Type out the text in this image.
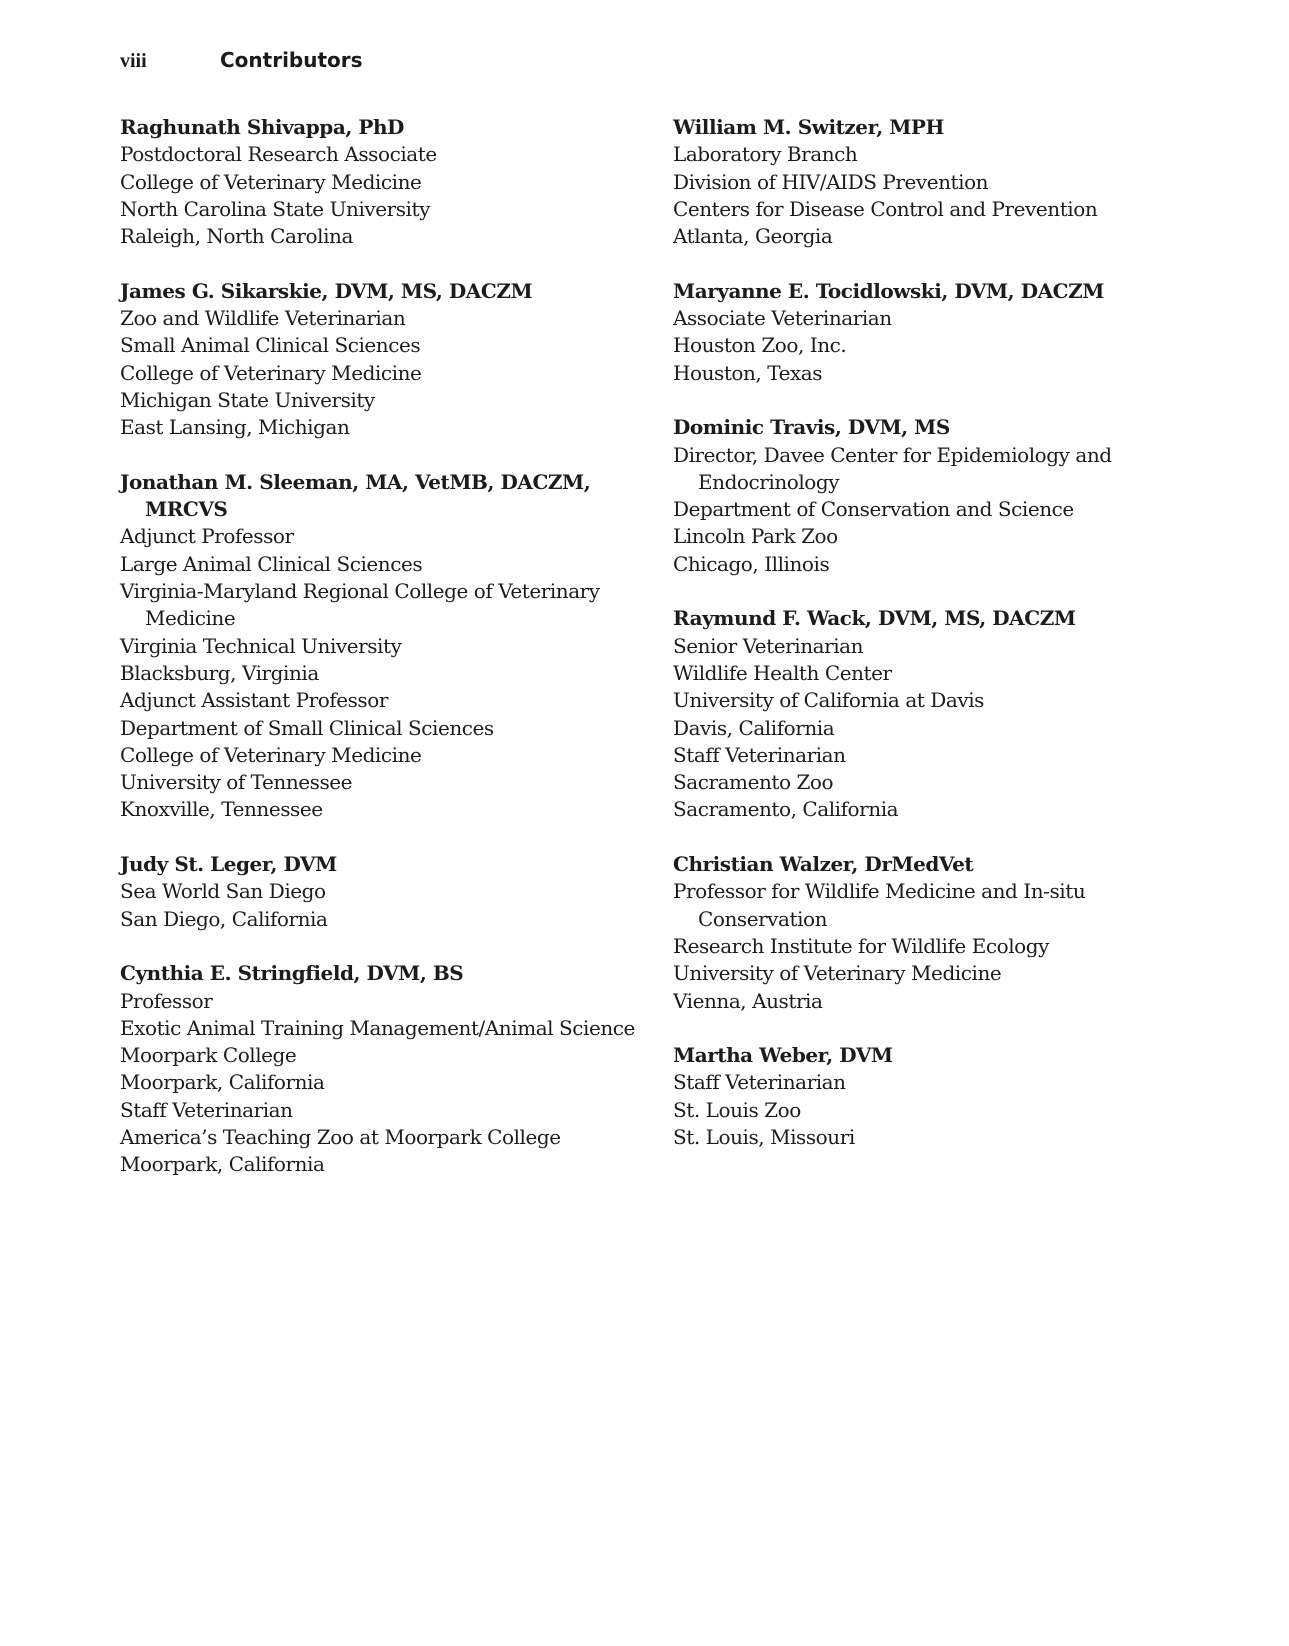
viii	Contributors
Raghunath Shivappa, PhD
Postdoctoral Research Associate
College of Veterinary Medicine
North Carolina State University
Raleigh, North Carolina
James G. Sikarskie, DVM, MS, DACZM
Zoo and Wildlife Veterinarian
Small Animal Clinical Sciences
College of Veterinary Medicine
Michigan State University
East Lansing, Michigan
Jonathan M. Sleeman, MA, VetMB, DACZM, MRCVS
Adjunct Professor
Large Animal Clinical Sciences
Virginia-Maryland Regional College of Veterinary Medicine
Virginia Technical University
Blacksburg, Virginia
Adjunct Assistant Professor
Department of Small Clinical Sciences
College of Veterinary Medicine
University of Tennessee
Knoxville, Tennessee
Judy St. Leger, DVM
Sea World San Diego
San Diego, California
Cynthia E. Stringfield, DVM, BS
Professor
Exotic Animal Training Management/Animal Science
Moorpark College
Moorpark, California
Staff Veterinarian
America’s Teaching Zoo at Moorpark College
Moorpark, California
William M. Switzer, MPH
Laboratory Branch
Division of HIV/AIDS Prevention
Centers for Disease Control and Prevention
Atlanta, Georgia
Maryanne E. Tocidlowski, DVM, DACZM
Associate Veterinarian
Houston Zoo, Inc.
Houston, Texas
Dominic Travis, DVM, MS
Director, Davee Center for Epidemiology and Endocrinology
Department of Conservation and Science
Lincoln Park Zoo
Chicago, Illinois
Raymund F. Wack, DVM, MS, DACZM
Senior Veterinarian
Wildlife Health Center
University of California at Davis
Davis, California
Staff Veterinarian
Sacramento Zoo
Sacramento, California
Christian Walzer, DrMedVet
Professor for Wildlife Medicine and In-situ Conservation
Research Institute for Wildlife Ecology
University of Veterinary Medicine
Vienna, Austria
Martha Weber, DVM
Staff Veterinarian
St. Louis Zoo
St. Louis, Missouri
